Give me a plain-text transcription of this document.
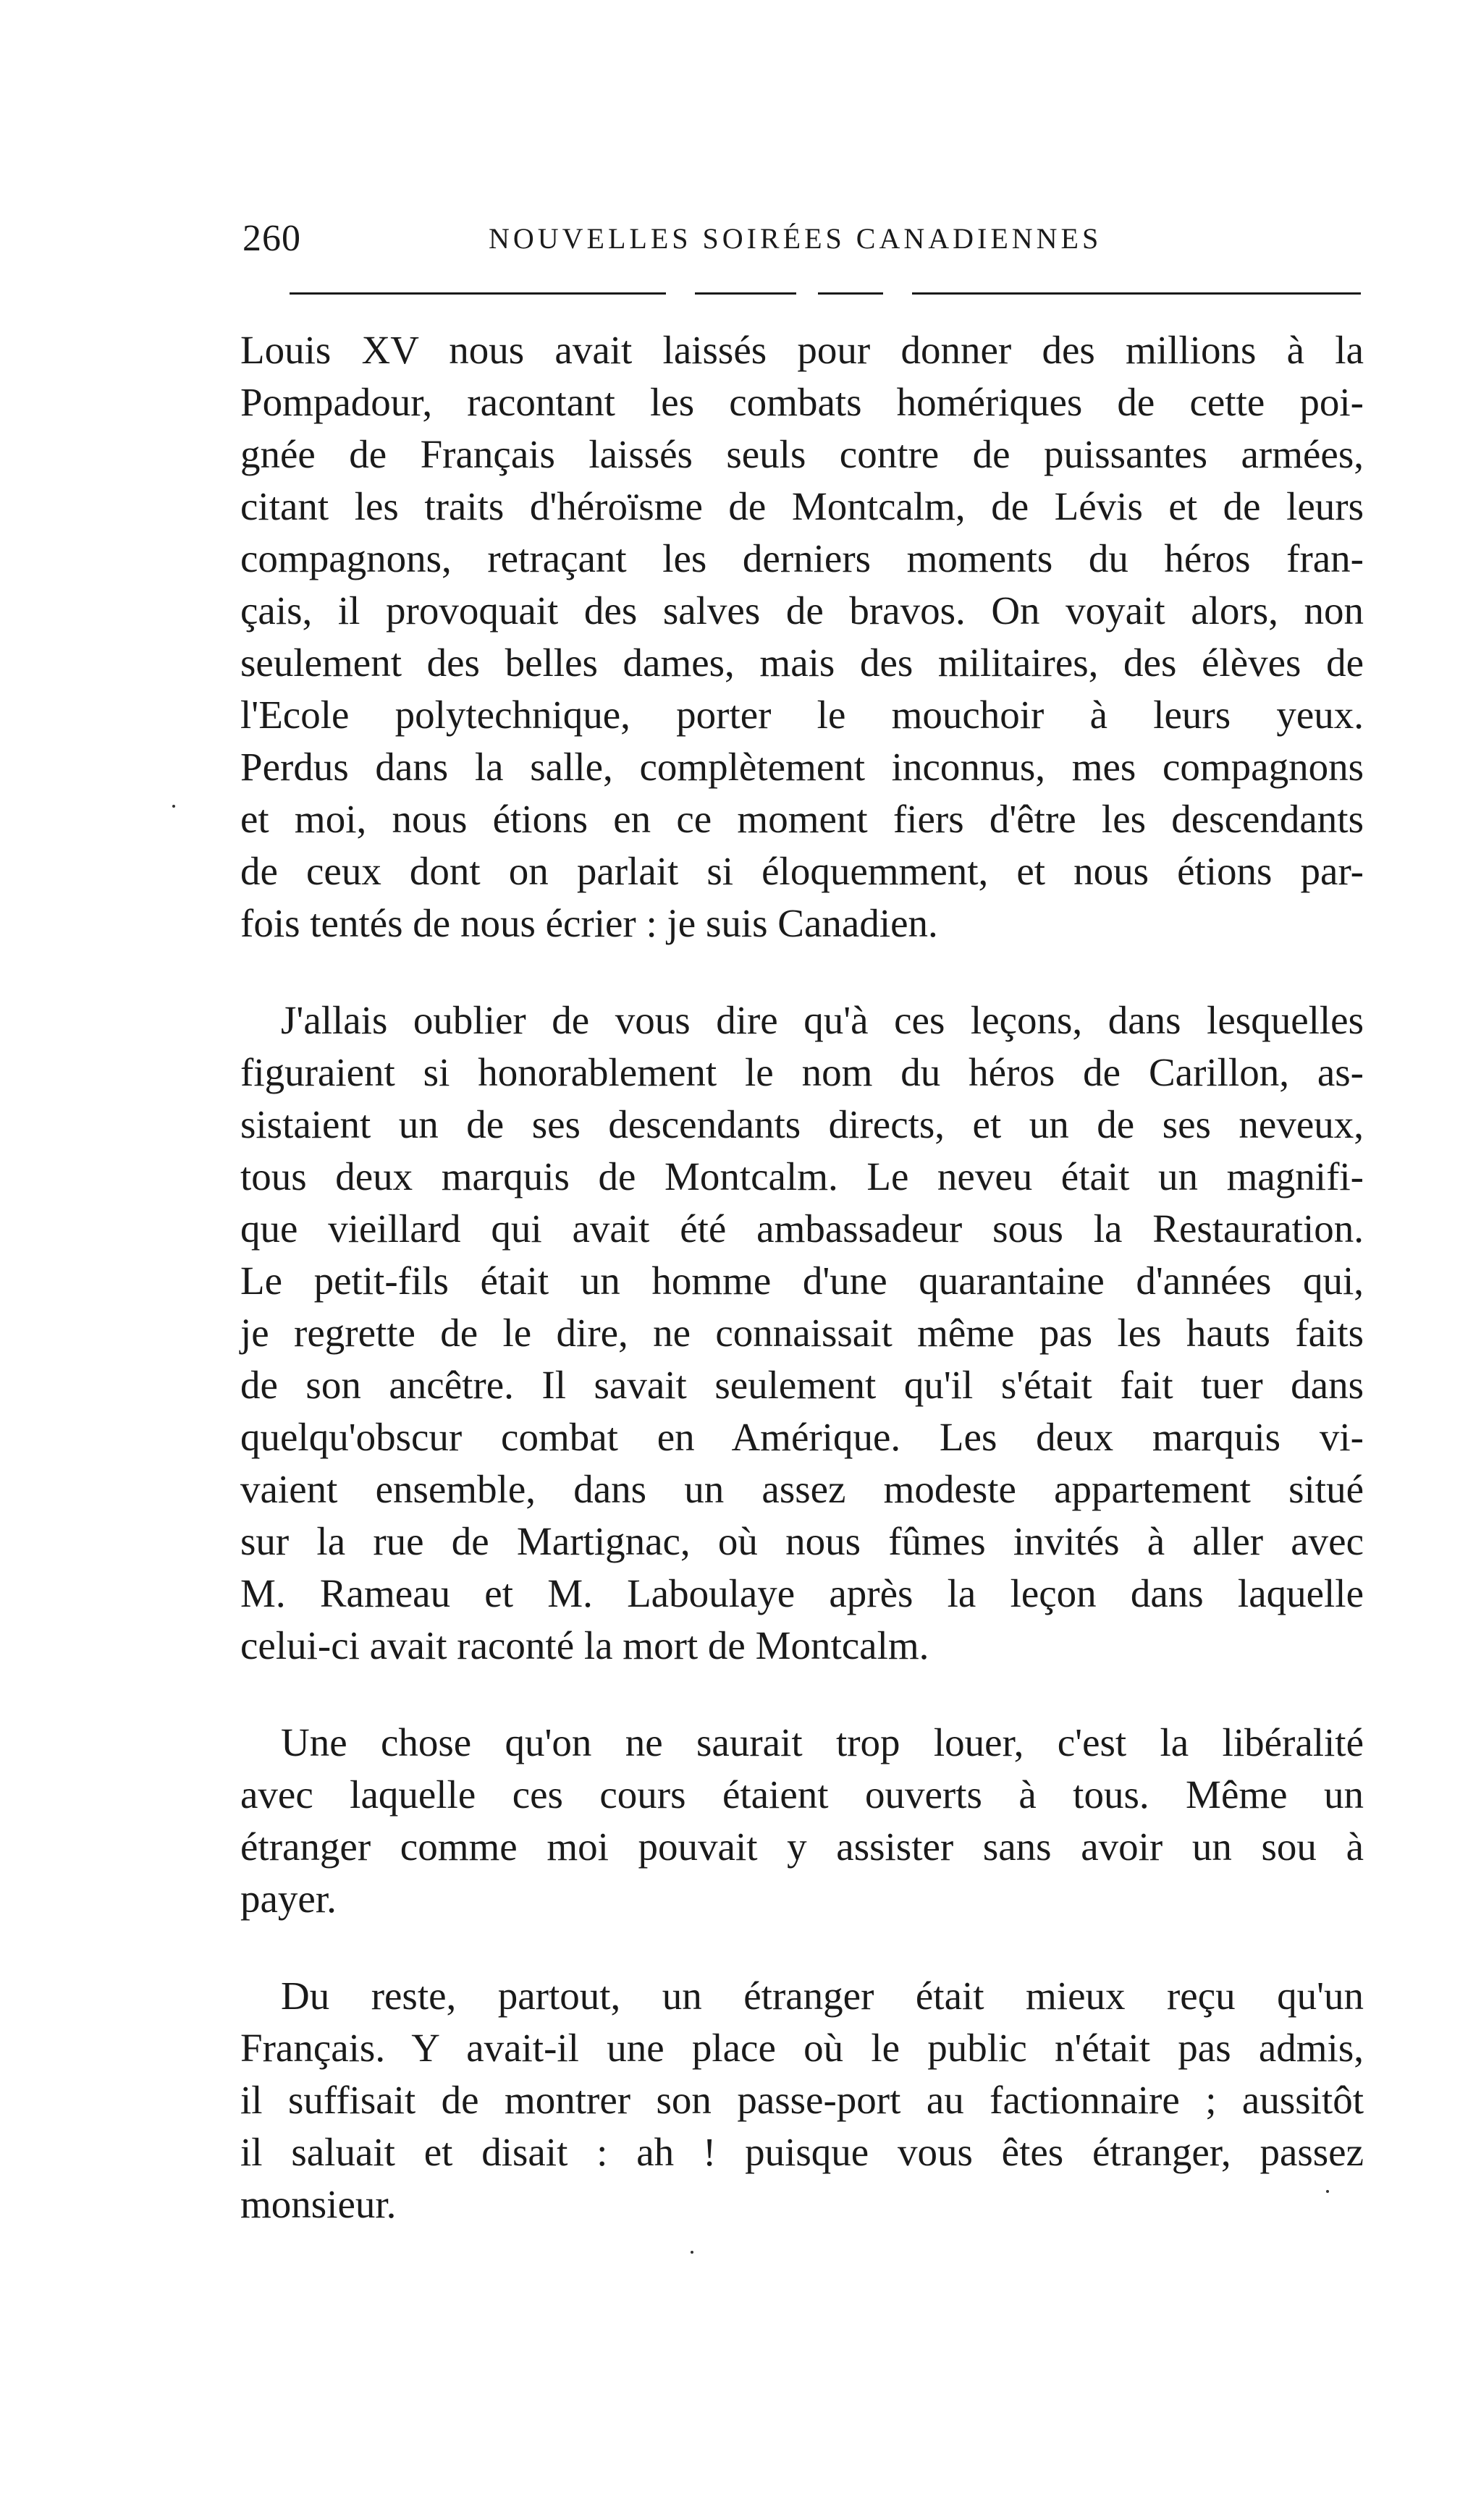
260	NOUVELLES SOIRÉES CANADIENNES
Louis XV nous avait laissés pour donner des millions à la
Pompadour, racontant les combats homériques de cette poi-
gnée de Français laissés seuls contre de puissantes armées,
citant les traits d'héroïsme de Montcalm, de Lévis et de leurs
compagnons, retraçant les derniers moments du héros fran-
çais, il provoquait des salves de bravos. On voyait alors, non
seulement des belles dames, mais des militaires, des élèves de
l'Ecole polytechnique, porter le mouchoir à leurs yeux.
Perdus dans la salle, complètement inconnus, mes compagnons
et moi, nous étions en ce moment fiers d'être les descendants
de ceux dont on parlait si éloquemment, et nous étions par-
fois tentés de nous écrier : je suis Canadien.
J'allais oublier de vous dire qu'à ces leçons, dans lesquelles
figuraient si honorablement le nom du héros de Carillon, as-
sistaient un de ses descendants directs, et un de ses neveux,
tous deux marquis de Montcalm. Le neveu était un magnifi-
que vieillard qui avait été ambassadeur sous la Restauration.
Le petit-fils était un homme d'une quarantaine d'années qui,
je regrette de le dire, ne connaissait même pas les hauts faits
de son ancêtre. Il savait seulement qu'il s'était fait tuer dans
quelqu'obscur combat en Amérique. Les deux marquis vi-
vaient ensemble, dans un assez modeste appartement situé
sur la rue de Martignac, où nous fûmes invités à aller avec
M. Rameau et M. Laboulaye après la leçon dans laquelle
celui-ci avait raconté la mort de Montcalm.
Une chose qu'on ne saurait trop louer, c'est la libéralité
avec laquelle ces cours étaient ouverts à tous. Même un
étranger comme moi pouvait y assister sans avoir un sou à
payer.
Du reste, partout, un étranger était mieux reçu qu'un
Français. Y avait-il une place où le public n'était pas admis,
il suffisait de montrer son passe-port au factionnaire ; aussitôt
il saluait et disait : ah ! puisque vous êtes étranger, passez
monsieur.
